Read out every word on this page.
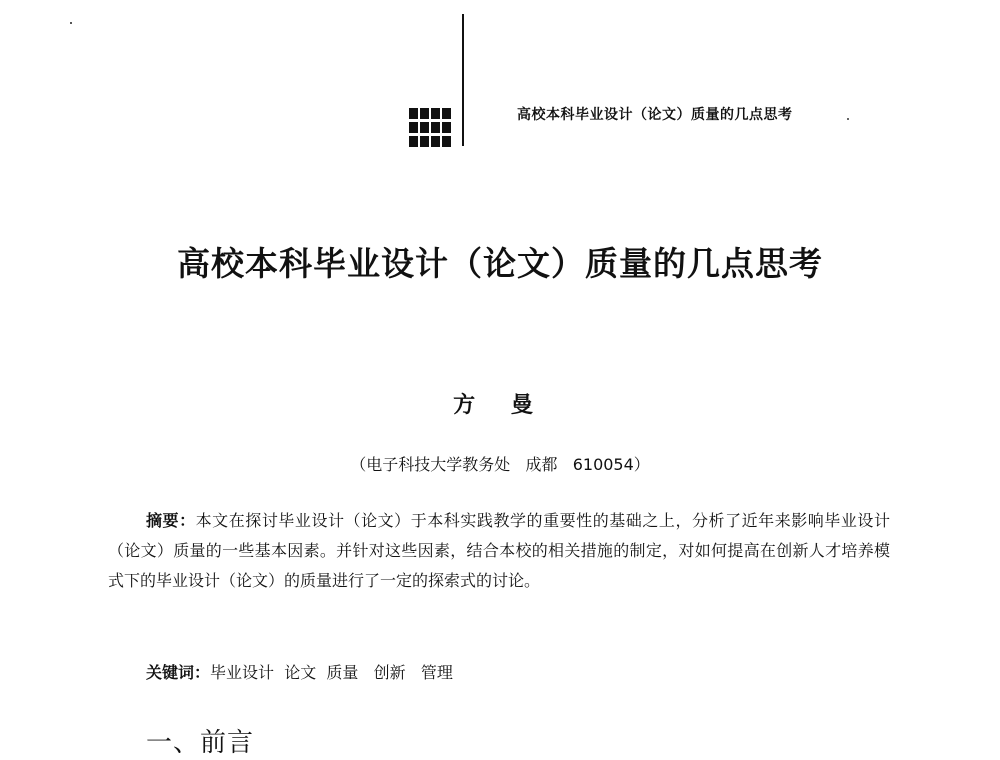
高校本科毕业设计（论文）质量的几点思考
高校本科毕业设计（论文）质量的几点思考
方 曼
（电子科技大学教务处   成都   610054）

摘要：本文在探讨毕业设计（论文）于本科实践教学的重要性的基础之上，分析了近年来影响毕业设计（论文）质量的一些基本因素。并针对这些因素，结合本校的相关措施的制定，对如何提高在创新人才培养模式下的毕业设计（论文）的质量进行了一定的探索式的讨论。

关键词：毕业设计  论文  质量   创新   管理
一、前言
